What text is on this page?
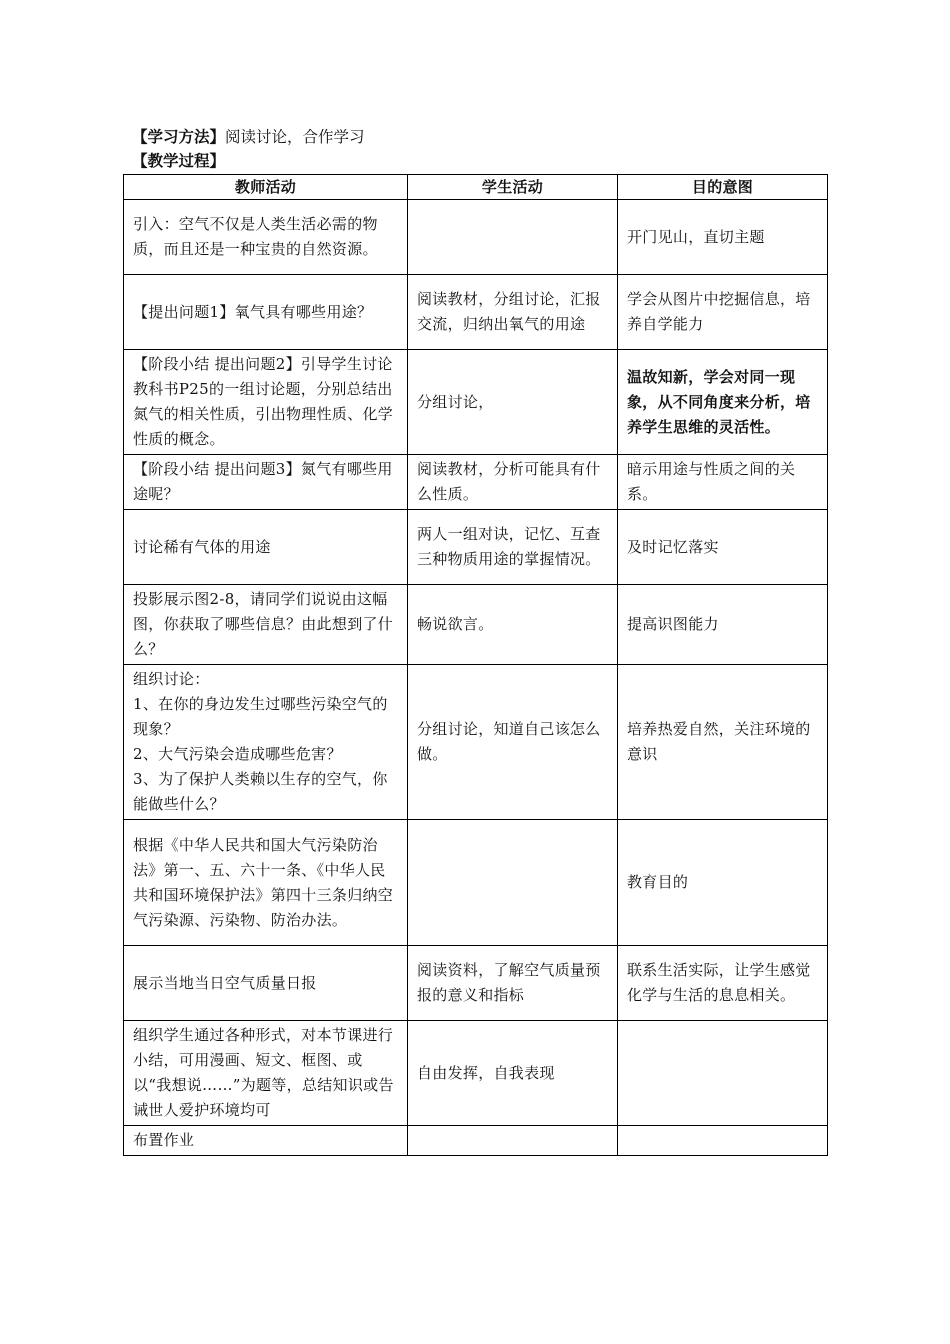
【学习方法】阅读讨论，合作学习
【教学过程】
教师活动	学生活动	目的意图
引入：空气不仅是人类生活必需的物质，而且还是一种宝贵的自然资源。		开门见山，直切主题
【提出问题1】氧气具有哪些用途？	阅读教材，分组讨论，汇报交流，归纳出氧气的用途	学会从图片中挖掘信息，培养自学能力
【阶段小结 提出问题2】引导学生讨论教科书P25的一组讨论题，分别总结出氮气的相关性质，引出物理性质、化学性质的概念。	分组讨论，	温故知新，学会对同一现象，从不同角度来分析，培养学生思维的灵活性。
【阶段小结 提出问题3】氮气有哪些用途呢？	阅读教材，分析可能具有什么性质。	暗示用途与性质之间的关系。
讨论稀有气体的用途	两人一组对诀，记忆、互查三种物质用途的掌握情况。	及时记忆落实
投影展示图2-8，请同学们说说由这幅图，你获取了哪些信息？由此想到了什么？	畅说欲言。	提高识图能力
组织讨论：
1、在你的身边发生过哪些污染空气的现象？
2、大气污染会造成哪些危害？
3、为了保护人类赖以生存的空气，你能做些什么？	分组讨论，知道自己该怎么做。	培养热爱自然，关注环境的意识
根据《中华人民共和国大气污染防治法》第一、五、六十一条、《中华人民共和国环境保护法》第四十三条归纳空气污染源、污染物、防治办法。		教育目的
展示当地当日空气质量日报	阅读资料，了解空气质量预报的意义和指标	联系生活实际，让学生感觉化学与生活的息息相关。
组织学生通过各种形式，对本节课进行小结，可用漫画、短文、框图、或以“我想说……”为题等，总结知识或告诫世人爱护环境均可	自由发挥，自我表现	
布置作业		
